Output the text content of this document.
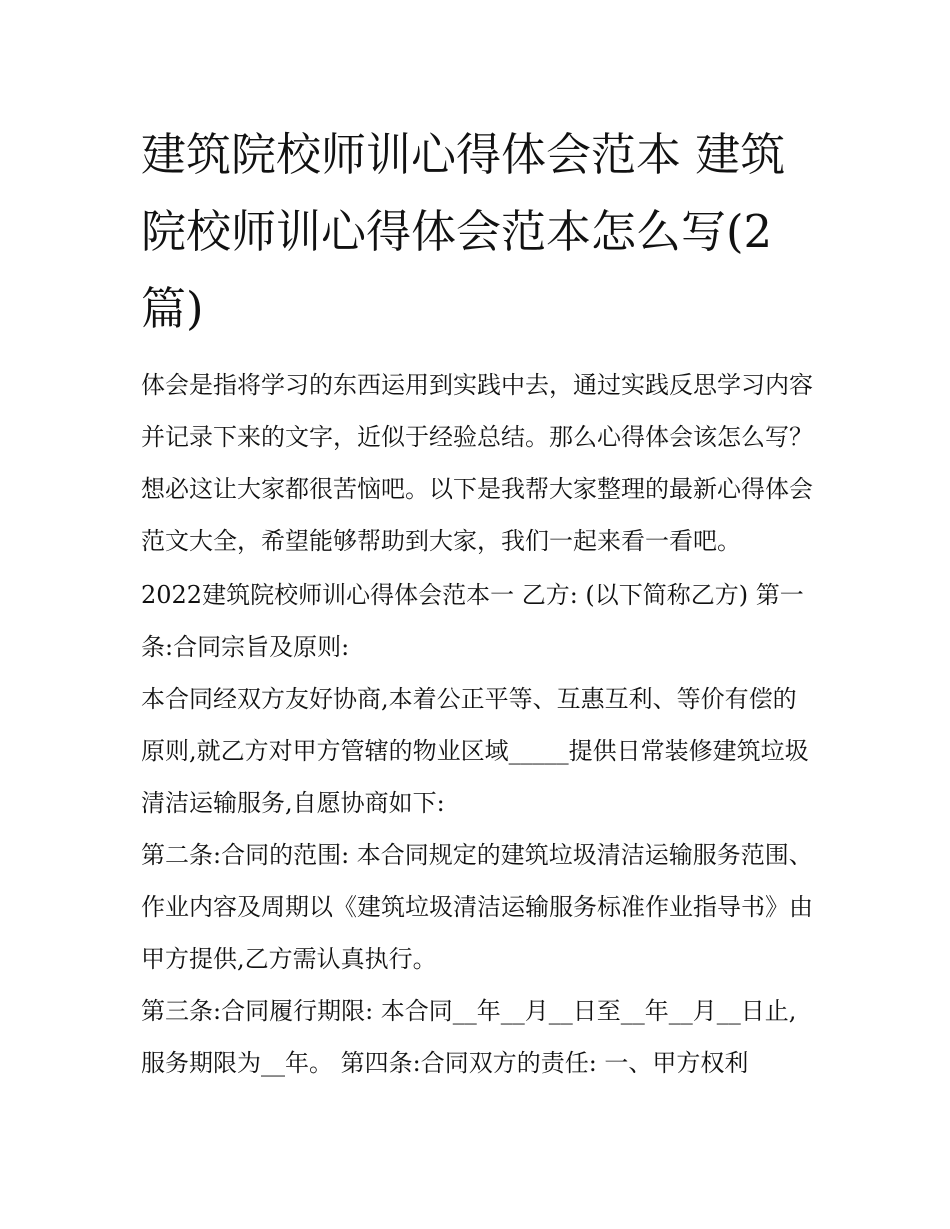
建筑院校师训心得体会范本 建筑院校师训心得体会范本怎么写(2篇)

体会是指将学习的东西运用到实践中去，通过实践反思学习内容并记录下来的文字，近似于经验总结。那么心得体会该怎么写？想必这让大家都很苦恼吧。以下是我帮大家整理的最新心得体会范文大全，希望能够帮助到大家，我们一起来看一看吧。

2022建筑院校师训心得体会范本一 乙方: (以下简称乙方) 第一条:合同宗旨及原则:

本合同经双方友好协商,本着公正平等、互惠互利、等价有偿的原则,就乙方对甲方管辖的物业区域_____提供日常装修建筑垃圾清洁运输服务,自愿协商如下:

第二条:合同的范围: 本合同规定的建筑垃圾清洁运输服务范围、作业内容及周期以《建筑垃圾清洁运输服务标准作业指导书》由甲方提供,乙方需认真执行。

第三条:合同履行期限: 本合同__年__月__日至__年__月__日止,服务期限为__年。 第四条:合同双方的责任: 一、甲方权利
